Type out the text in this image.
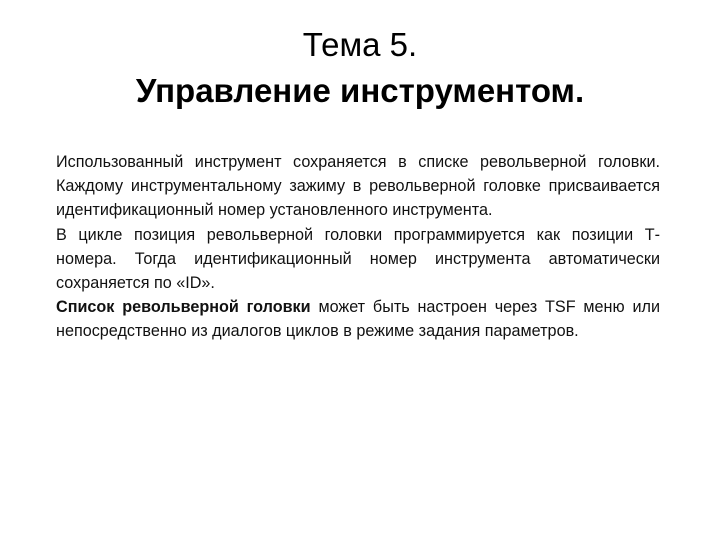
Тема 5.
Управление инструментом.

Использованный инструмент сохраняется в списке револьверной головки. Каждому инструментальному зажиму в револьверной головке присваивается идентификационный номер установленного инструмента.

В цикле позиция револьверной головки программируется как позиции Т-номера. Тогда идентификационный номер инструмента автоматически сохраняется по «ID».

Список револьверной головки может быть настроен через TSF меню или непосредственно из диалогов циклов в режиме задания параметров.
